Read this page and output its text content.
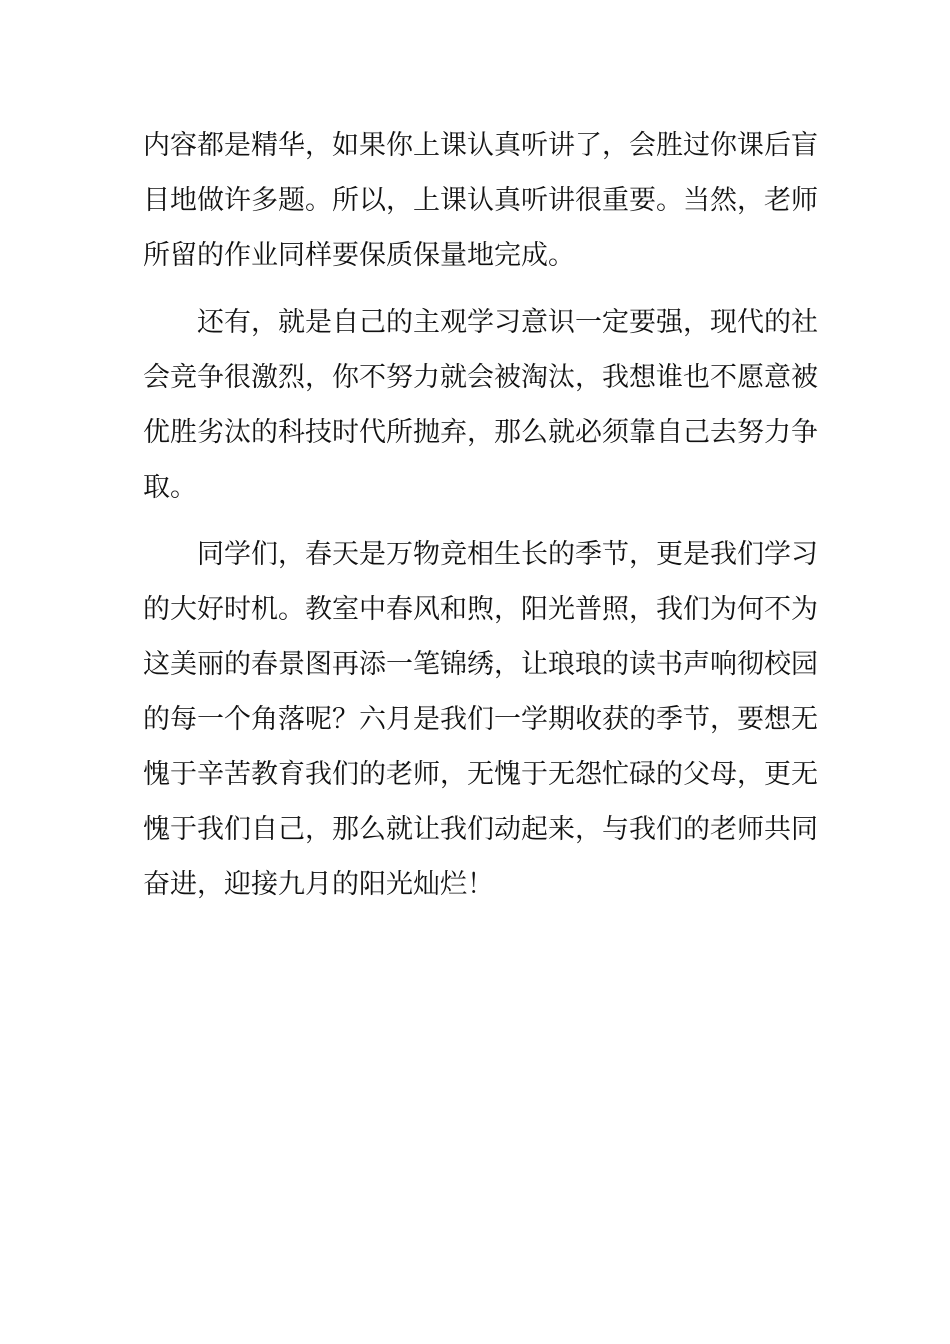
内容都是精华，如果你上课认真听讲了，会胜过你课后盲
目地做许多题。所以，上课认真听讲很重要。当然，老师
所留的作业同样要保质保量地完成。
还有，就是自己的主观学习意识一定要强，现代的社
会竞争很激烈，你不努力就会被淘汰，我想谁也不愿意被
优胜劣汰的科技时代所抛弃，那么就必须靠自己去努力争
取。
同学们，春天是万物竞相生长的季节，更是我们学习
的大好时机。教室中春风和煦，阳光普照，我们为何不为
这美丽的春景图再添一笔锦绣，让琅琅的读书声响彻校园
的每一个角落呢？六月是我们一学期收获的季节，要想无
愧于辛苦教育我们的老师，无愧于无怨忙碌的父母，更无
愧于我们自己，那么就让我们动起来，与我们的老师共同
奋进，迎接九月的阳光灿烂！
